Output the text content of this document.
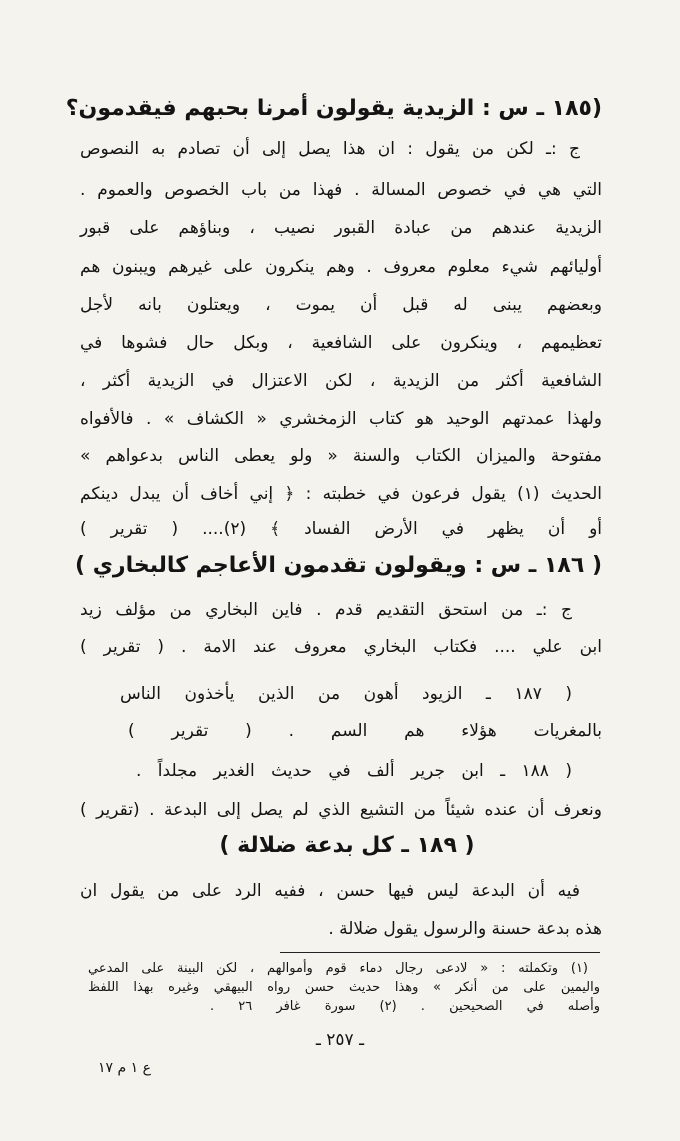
(١٨٥ ـ س : الزيدية يقولون أمرنا بحبهم فيقدمون؟
ج :ـ لكن من يقول : ان هذا يصل إلى أن تصادم به النصوص
التي هي في خصوص المسالة . فهذا من باب الخصوص والعموم .
الزيدية عندهم من عبادة القبور نصيب ، وبناؤهم على قبور
أوليائهم شيء معلوم معروف . وهم ينكرون على غيرهم ويبنون هم
وبعضهم يبنى له قبل أن يموت ، ويعتلون بانه لأجل
تعظيمهم ، وينكرون على الشافعية ، وبكل حال فشوها في
الشافعية أكثر من الزيدية ، لكن الاعتزال في الزيدية أكثر ،
ولهذا عمدتهم الوحيد هو كتاب الزمخشري « الكشاف » . فالأفواه
مفتوحة والميزان الكتاب والسنة « ولو يعطى الناس بدعواهم »
الحديث (١) يقول فرعون في خطبته : ﴿ إني أخاف أن يبدل دينكم
أو أن يظهر في الأرض الفساد ﴾ (٢).... ( تقرير )
( ١٨٦ ـ س : ويقولون تقدمون الأعاجم كالبخاري )
ج :ـ من استحق التقديم قدم . فاين البخاري من مؤلف زيد
ابن علي .... فكتاب البخاري معروف عند الامة . ( تقرير )
( ١٨٧ ـ الزيود أهون من الذين يأخذون الناس
بالمغريات هؤلاء هم السم . ( تقرير )
( ١٨٨ ـ ابن جرير ألف في حديث الغدير مجلداً .
ونعرف أن عنده شيئاً من التشيع الذي لم يصل إلى البدعة . (تقرير )
( ١٨٩ ـ كل بدعة ضلالة )
فيه أن البدعة ليس فيها حسن ، ففيه الرد على من يقول ان
هذه بدعة حسنة والرسول يقول ضلالة .
(١) وتكملته : « لادعى رجال دماء قوم وأموالهم ، لكن البينة على المدعي
واليمين على من أنكر » وهذا حديث حسن رواه البيهقي وغيره بهذا اللفظ
وأصله في الصحيحين . (٢) سورة غافر ٢٦ .
ـ ٢٥٧ ـ
ع ١ م ١٧
